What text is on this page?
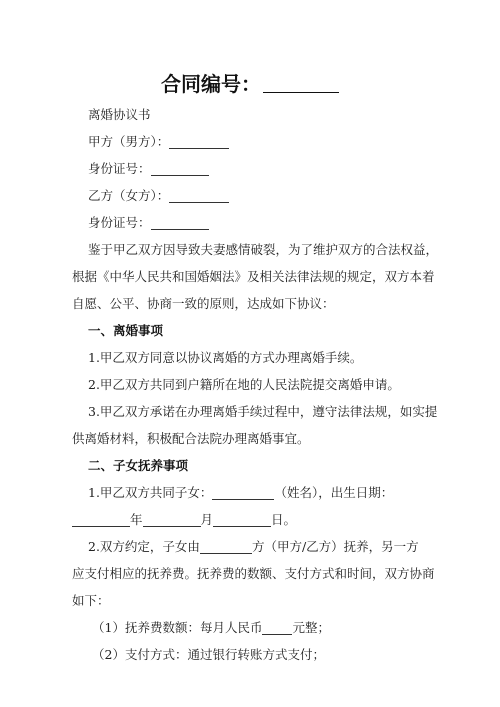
合同编号：
离婚协议书
甲方（男方）：
身份证号：
乙方（女方）：
身份证号：
鉴于甲乙双方因导致夫妻感情破裂，为了维护双方的合法权益，
根据《中华人民共和国婚姻法》及相关法律法规的规定，双方本着
自愿、公平、协商一致的原则，达成如下协议：
一、离婚事项
1.甲乙双方同意以协议离婚的方式办理离婚手续。
2.甲乙双方共同到户籍所在地的人民法院提交离婚申请。
3.甲乙双方承诺在办理离婚手续过程中，遵守法律法规，如实提
供离婚材料，积极配合法院办理离婚事宜。
二、子女抚养事项
1.甲乙双方共同子女：	（姓名），出生日期：
年	月	日。
2.双方约定，子女由	方（甲方/乙方）抚养，另一方
应支付相应的抚养费。抚养费的数额、支付方式和时间，双方协商
如下：
（1）抚养费数额：每月人民币 元整；
（2）支付方式：通过银行转账方式支付；
